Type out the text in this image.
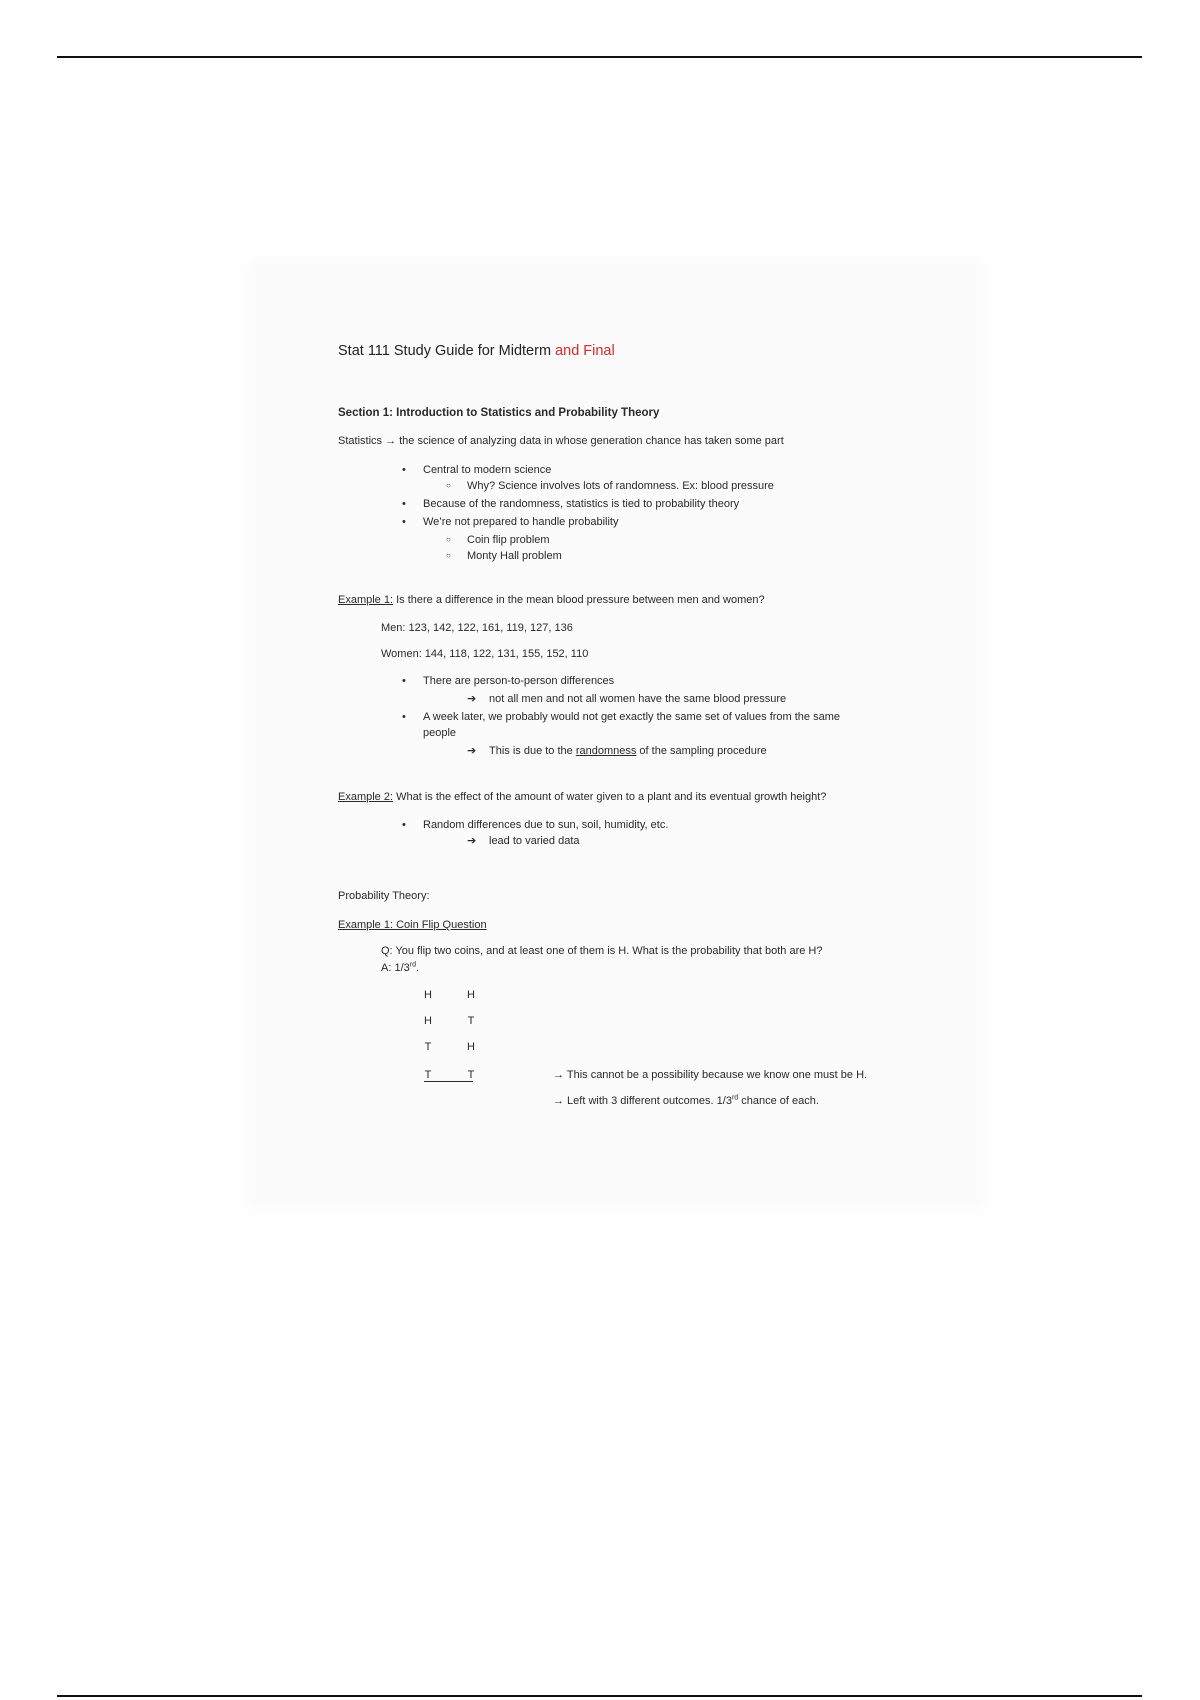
Stat 111 Study Guide for Midterm and Final
Section 1: Introduction to Statistics and Probability Theory
Statistics → the science of analyzing data in whose generation chance has taken some part
• Central to modern science
○ Why? Science involves lots of randomness. Ex: blood pressure
• Because of the randomness, statistics is tied to probability theory
• We’re not prepared to handle probability
○ Coin flip problem
○ Monty Hall problem
Example 1: Is there a difference in the mean blood pressure between men and women?
Men: 123, 142, 122, 161, 119, 127, 136
Women: 144, 118, 122, 131, 155, 152, 110
• There are person-to-person differences
➔ not all men and not all women have the same blood pressure
• A week later, we probably would not get exactly the same set of values from the same
people
➔ This is due to the randomness of the sampling procedure
Example 2: What is the effect of the amount of water given to a plant and its eventual growth height?
• Random differences due to sun, soil, humidity, etc.
➔ lead to varied data
Probability Theory:
Example 1: Coin Flip Question
Q: You flip two coins, and at least one of them is H. What is the probability that both are H?
A: 1/3rd.
H	H
H	T
T	H
T	T	→ This cannot be a possibility because we know one must be H.
→ Left with 3 different outcomes. 1/3rd chance of each.
